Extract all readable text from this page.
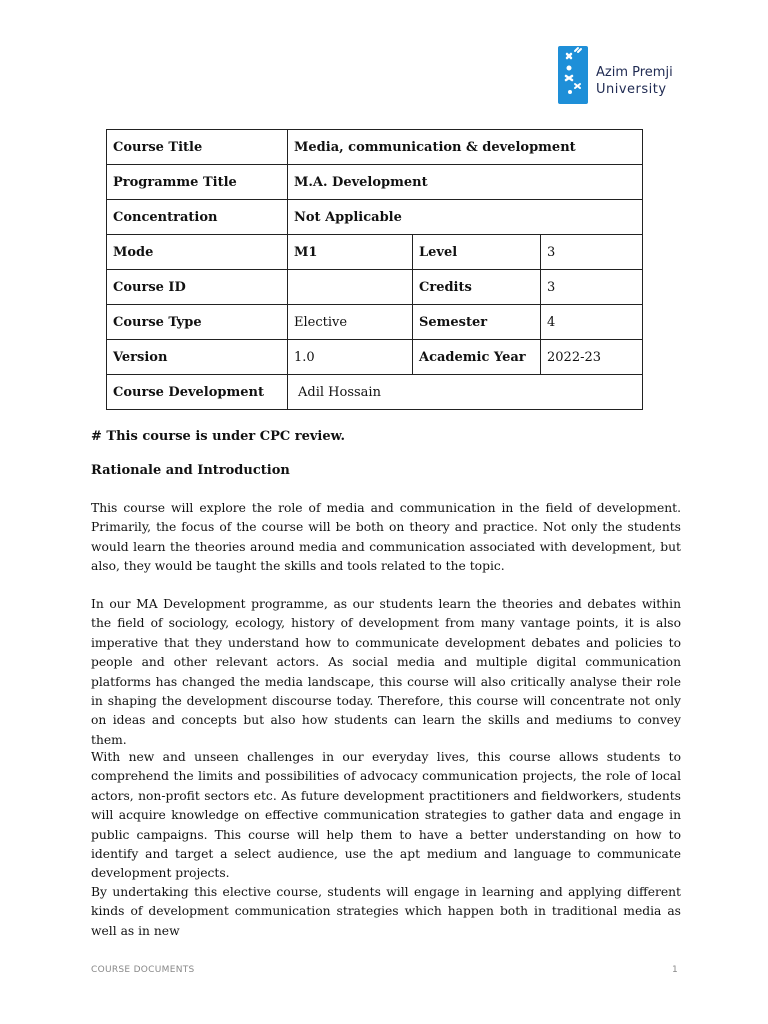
Azim Premji
University
Course Title	Media, communication & development		
Programme Title	M.A. Development		
Concentration	Not Applicable		
Mode	M1	Level	3
Course ID		Credits	3
Course Type	Elective	Semester	4
Version	1.0	Academic Year	2022-23
Course Development	Adil Hossain		

# This course is under CPC review.

Rationale and Introduction

This course will explore the role of media and communication in the field of development. Primarily, the focus of the course will be both on theory and practice. Not only the students would learn the theories around media and communication associated with development, but also, they would be taught the skills and tools related to the topic.

In our MA Development programme, as our students learn the theories and debates within the field of sociology, ecology, history of development from many vantage points, it is also imperative that they understand how to communicate development debates and policies to people and other relevant actors. As social media and multiple digital communication platforms has changed the media landscape, this course will also critically analyse their role in shaping the development discourse today. Therefore, this course will concentrate not only on ideas and concepts but also how students can learn the skills and mediums to convey them.

With new and unseen challenges in our everyday lives, this course allows students to comprehend the limits and possibilities of advocacy communication projects, the role of local actors, non-profit sectors etc. As future development practitioners and fieldworkers, students will acquire knowledge on effective communication strategies to gather data and engage in public campaigns. This course will help them to have a better understanding on how to identify and target a select audience, use the apt medium and language to communicate development projects.

By undertaking this elective course, students will engage in learning and applying different kinds of development communication strategies which happen both in traditional media as well as in new

COURSE DOCUMENTS	1
